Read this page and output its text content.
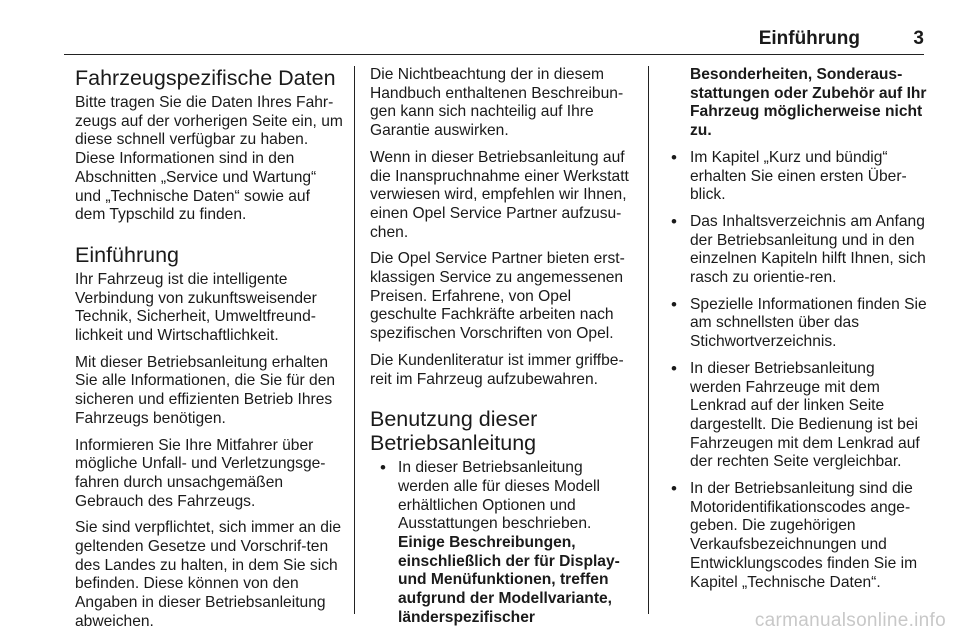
Einführung	3
Fahrzeugspezifische Daten

Bitte tragen Sie die Daten Ihres Fahr-zeugs auf der vorherigen Seite ein, um diese schnell verfügbar zu haben. Diese Informationen sind in den Abschnitten „Service und Wartung“ und „Technische Daten“ sowie auf dem Typschild zu finden.

Einführung

Ihr Fahrzeug ist die intelligente Verbindung von zukunftsweisender Technik, Sicherheit, Umweltfreund-lichkeit und Wirtschaftlichkeit.

Mit dieser Betriebsanleitung erhalten Sie alle Informationen, die Sie für den sicheren und effizienten Betrieb Ihres Fahrzeugs benötigen.

Informieren Sie Ihre Mitfahrer über mögliche Unfall- und Verletzungsge-fahren durch unsachgemäßen Gebrauch des Fahrzeugs.

Sie sind verpflichtet, sich immer an die geltenden Gesetze und Vorschrif-ten des Landes zu halten, in dem Sie sich befinden. Diese können von den Angaben in dieser Betriebsanleitung abweichen.

Die Nichtbeachtung der in diesem Handbuch enthaltenen Beschreibun-gen kann sich nachteilig auf Ihre Garantie auswirken.

Wenn in dieser Betriebsanleitung auf die Inanspruchnahme einer Werkstatt verwiesen wird, empfehlen wir Ihnen, einen Opel Service Partner aufzusu-chen.

Die Opel Service Partner bieten erst-klassigen Service zu angemessenen Preisen. Erfahrene, von Opel geschulte Fachkräfte arbeiten nach spezifischen Vorschriften von Opel.

Die Kundenliteratur ist immer griffbe-reit im Fahrzeug aufzubewahren.

Benutzung dieser Betriebsanleitung
• In dieser Betriebsanleitung werden alle für dieses Modell erhältlichen Optionen und Ausstattungen beschrieben.
Einige Beschreibungen, einschließlich der für Display- und Menüfunktionen, treffen aufgrund der Modellvariante, länderspezifischer
Besonderheiten, Sonderaus-stattungen oder Zubehör auf Ihr Fahrzeug möglicherweise nicht zu.
• Im Kapitel „Kurz und bündig“ erhalten Sie einen ersten Über-blick.
• Das Inhaltsverzeichnis am Anfang der Betriebsanleitung und in den einzelnen Kapiteln hilft Ihnen, sich rasch zu orientie-ren.
• Spezielle Informationen finden Sie am schnellsten über das Stichwortverzeichnis.
• In dieser Betriebsanleitung werden Fahrzeuge mit dem Lenkrad auf der linken Seite dargestellt. Die Bedienung ist bei Fahrzeugen mit dem Lenkrad auf der rechten Seite vergleichbar.
• In der Betriebsanleitung sind die Motoridentifikationscodes ange-geben. Die zugehörigen Verkaufsbezeichnungen und Entwicklungscodes finden Sie im Kapitel „Technische Daten“.
carmanualsonline.info
